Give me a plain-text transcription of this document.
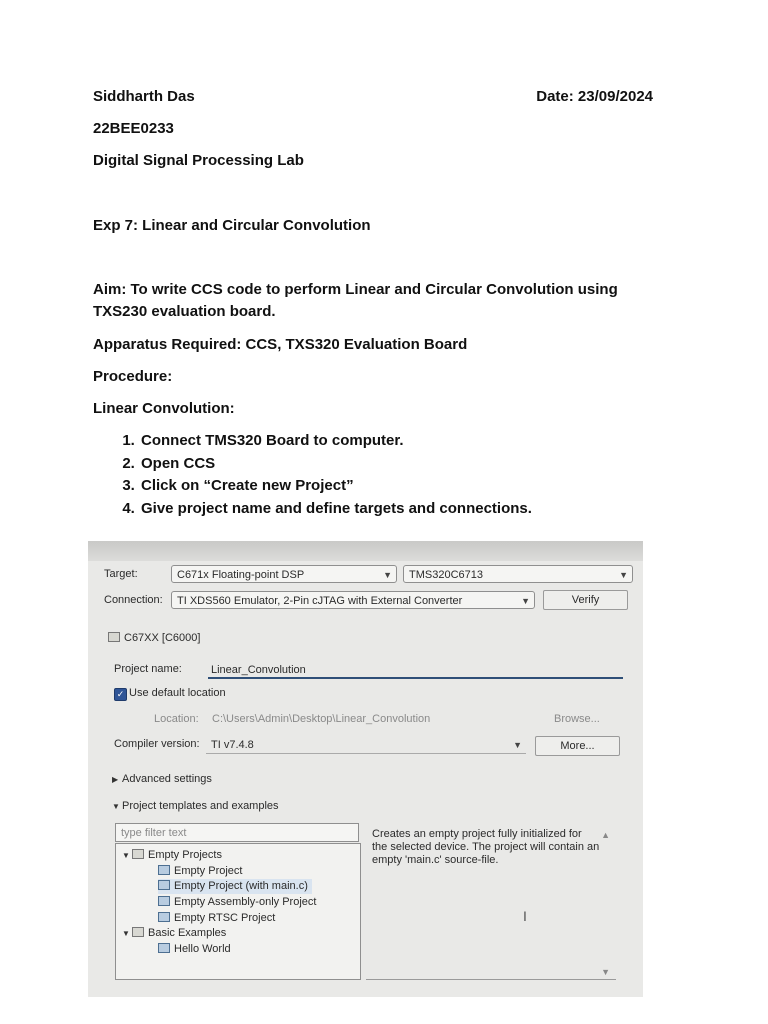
Siddharth Das	Date: 23/09/2024
22BEE0233
Digital Signal Processing Lab
Exp 7: Linear and Circular Convolution
Aim: To write CCS code to perform Linear and Circular Convolution using TXS230 evaluation board.
Apparatus Required: CCS, TXS320 Evaluation Board
Procedure:
Linear Convolution:
1. Connect TMS320 Board to computer.
2. Open CCS
3. Click on “Create new Project”
4. Give project name and define targets and connections.
Target:	C671x Floating-point DSP	▼	TMS320C6713	▼
Connection:	TI XDS560 Emulator, 2-Pin cJTAG with External Converter	▼	Verify
C67XX [C6000]
Project name:	Linear_Convolution
✓ Use default location
Location: C:\Users\Admin\Desktop\Linear_Convolution	Browse...
Compiler version:	TI v7.4.8	▼	More...
▶ Advanced settings
▼ Project templates and examples
type filter text
▼ Empty Projects
Empty Project
Empty Project (with main.c)
Empty Assembly-only Project
Empty RTSC Project
▼ Basic Examples
Hello World
Creates an empty project fully initialized for the selected device. The project will contain an empty 'main.c' source-file.
▲
▼
I
